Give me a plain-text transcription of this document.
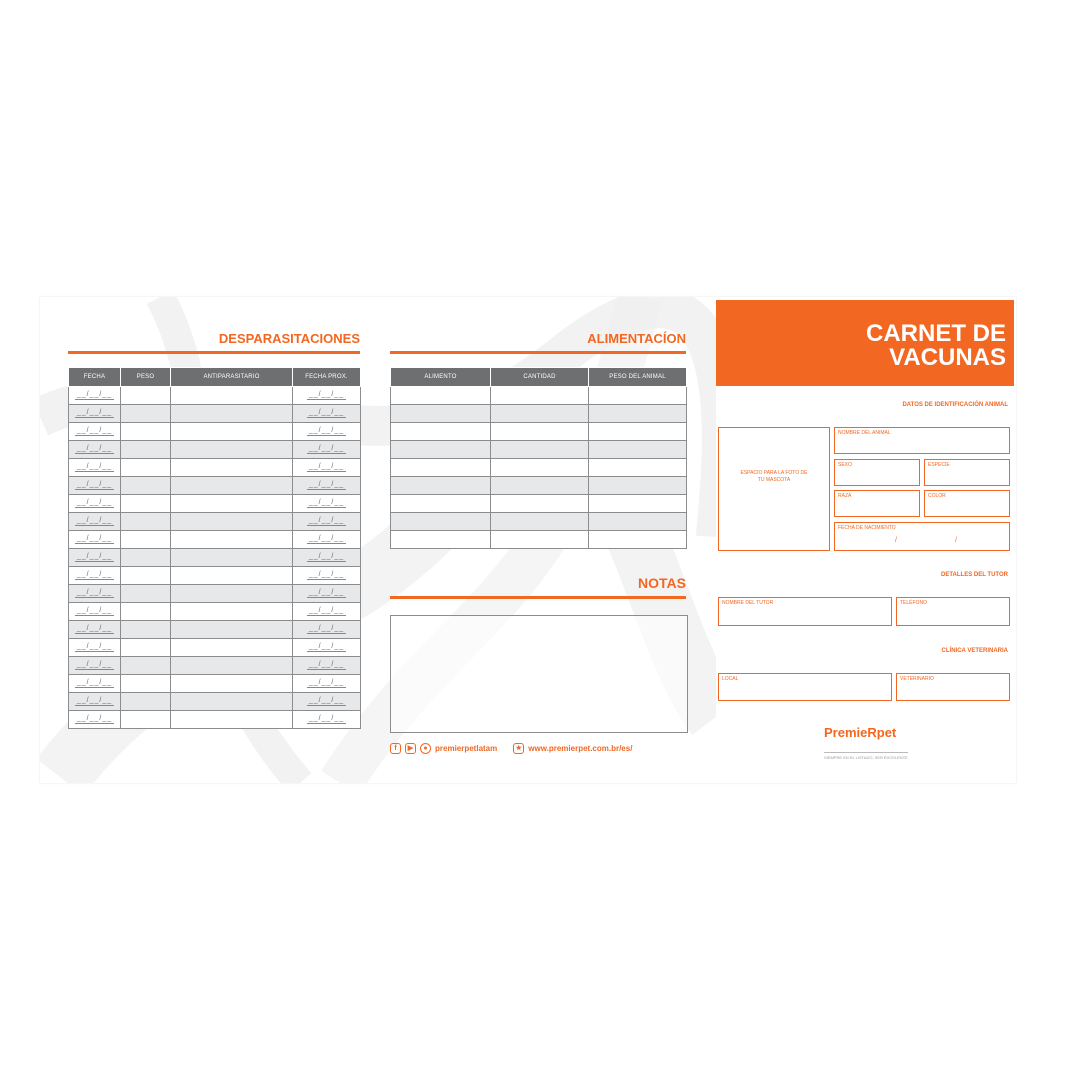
DESPARASITACIONES
FECHA	PESO	ANTIPARASITARIO	FECHA PROX.
__/__/__			__/__/__
__/__/__			__/__/__
__/__/__			__/__/__
__/__/__			__/__/__
__/__/__			__/__/__
__/__/__			__/__/__
__/__/__			__/__/__
__/__/__			__/__/__
__/__/__			__/__/__
__/__/__			__/__/__
__/__/__			__/__/__
__/__/__			__/__/__
__/__/__			__/__/__
__/__/__			__/__/__
__/__/__			__/__/__
__/__/__			__/__/__
__/__/__			__/__/__
__/__/__			__/__/__
__/__/__			__/__/__
ALIMENTACÍON
ALIMENTO	CANTIDAD	PESO DEL ANIMAL

NOTAS
f	▶	● premierpetlatam	★ www.premierpet.com.br/es/
CARNET DE
VACUNAS
DATOS DE IDENTIFICACIÓN ANIMAL
ESPACIO PARA LA FOTO DE TU MASCOTA
NOMBRE DEL ANIMAL
SEXO	ESPECIE
RAZA	COLOR
FECHA DE NACIMIENTO
/	/
DETALLES DEL TUTOR
NOMBRE DEL TUTOR	TELÉFONO
CLÍNICA VETERINARIA
LOCAL	VETERINARIO
PremieRpet
SIEMPRE EN EL LISTADO, SER ÉXCELENTE
